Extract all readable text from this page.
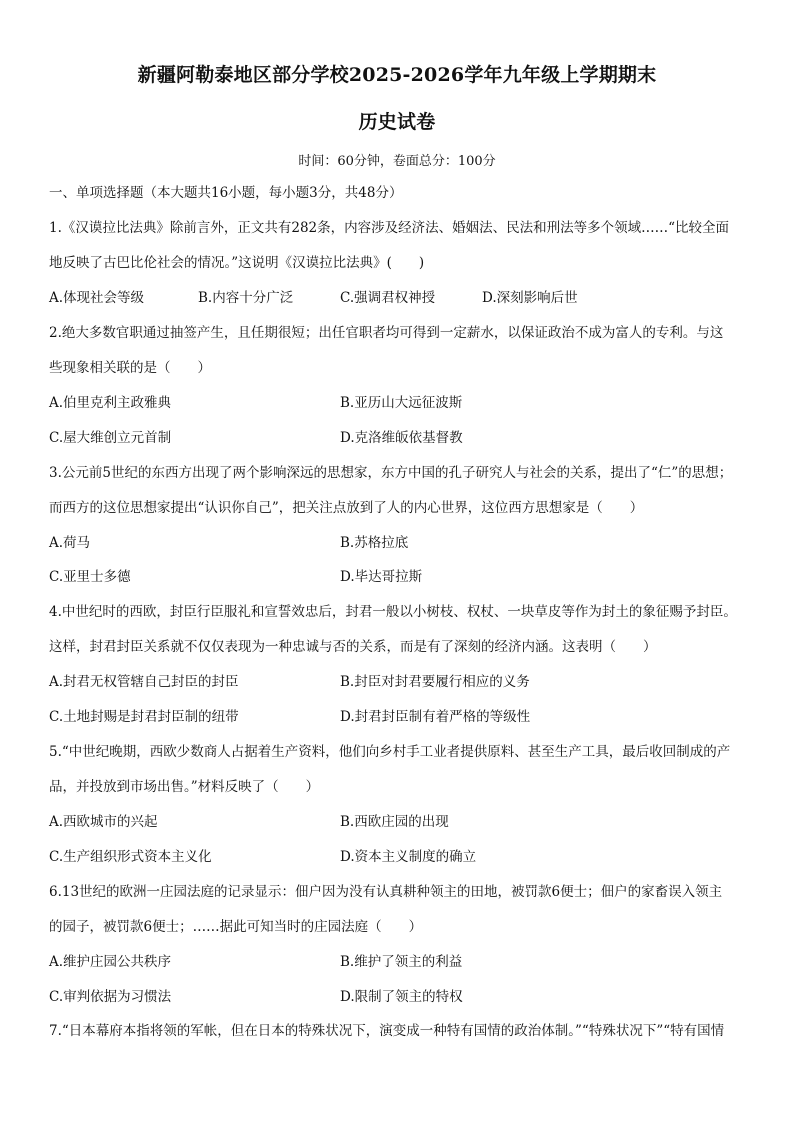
新疆阿勒泰地区部分学校2025-2026学年九年级上学期期末
历史试卷
时间：60分钟，卷面总分：100分
一、单项选择题（本大题共16小题，每小题3分，共48分）
1.《汉谟拉比法典》除前言外，正文共有282条，内容涉及经济法、婚姻法、民法和刑法等多个领域……“比较全面
地反映了古巴比伦社会的情况。”这说明《汉谟拉比法典》(　　)
A.体现社会等级	B.内容十分广泛	C.强调君权神授	D.深刻影响后世
2.绝大多数官职通过抽签产生，且任期很短；出任官职者均可得到一定薪水，以保证政治不成为富人的专利。与这
些现象相关联的是（　　）
A.伯里克利主政雅典	B.亚历山大远征波斯
C.屋大维创立元首制	D.克洛维皈依基督教
3.公元前5世纪的东西方出现了两个影响深远的思想家，东方中国的孔子研究人与社会的关系，提出了“仁”的思想；
而西方的这位思想家提出“认识你自己”，把关注点放到了人的内心世界，这位西方思想家是（　　）
A.荷马	B.苏格拉底
C.亚里士多德	D.毕达哥拉斯
4.中世纪时的西欧，封臣行臣服礼和宣誓效忠后，封君一般以小树枝、权杖、一块草皮等作为封土的象征赐予封臣。
这样，封君封臣关系就不仅仅表现为一种忠诚与否的关系，而是有了深刻的经济内涵。这表明（　　）
A.封君无权管辖自己封臣的封臣	B.封臣对封君要履行相应的义务
C.土地封赐是封君封臣制的纽带	D.封君封臣制有着严格的等级性
5.“中世纪晚期，西欧少数商人占据着生产资料，他们向乡村手工业者提供原料、甚至生产工具，最后收回制成的产
品，并投放到市场出售。”材料反映了（　　）
A.西欧城市的兴起	B.西欧庄园的出现
C.生产组织形式资本主义化	D.资本主义制度的确立
6.13世纪的欧洲一庄园法庭的记录显示：佃户因为没有认真耕种领主的田地，被罚款6便士；佃户的家畜误入领主
的园子，被罚款6便士；……据此可知当时的庄园法庭（　　）
A.维护庄园公共秩序	B.维护了领主的利益
C.审判依据为习惯法	D.限制了领主的特权
7.“日本幕府本指将领的军帐，但在日本的特殊状况下，演变成一种特有国情的政治体制。”“特殊状况下”“特有国情
